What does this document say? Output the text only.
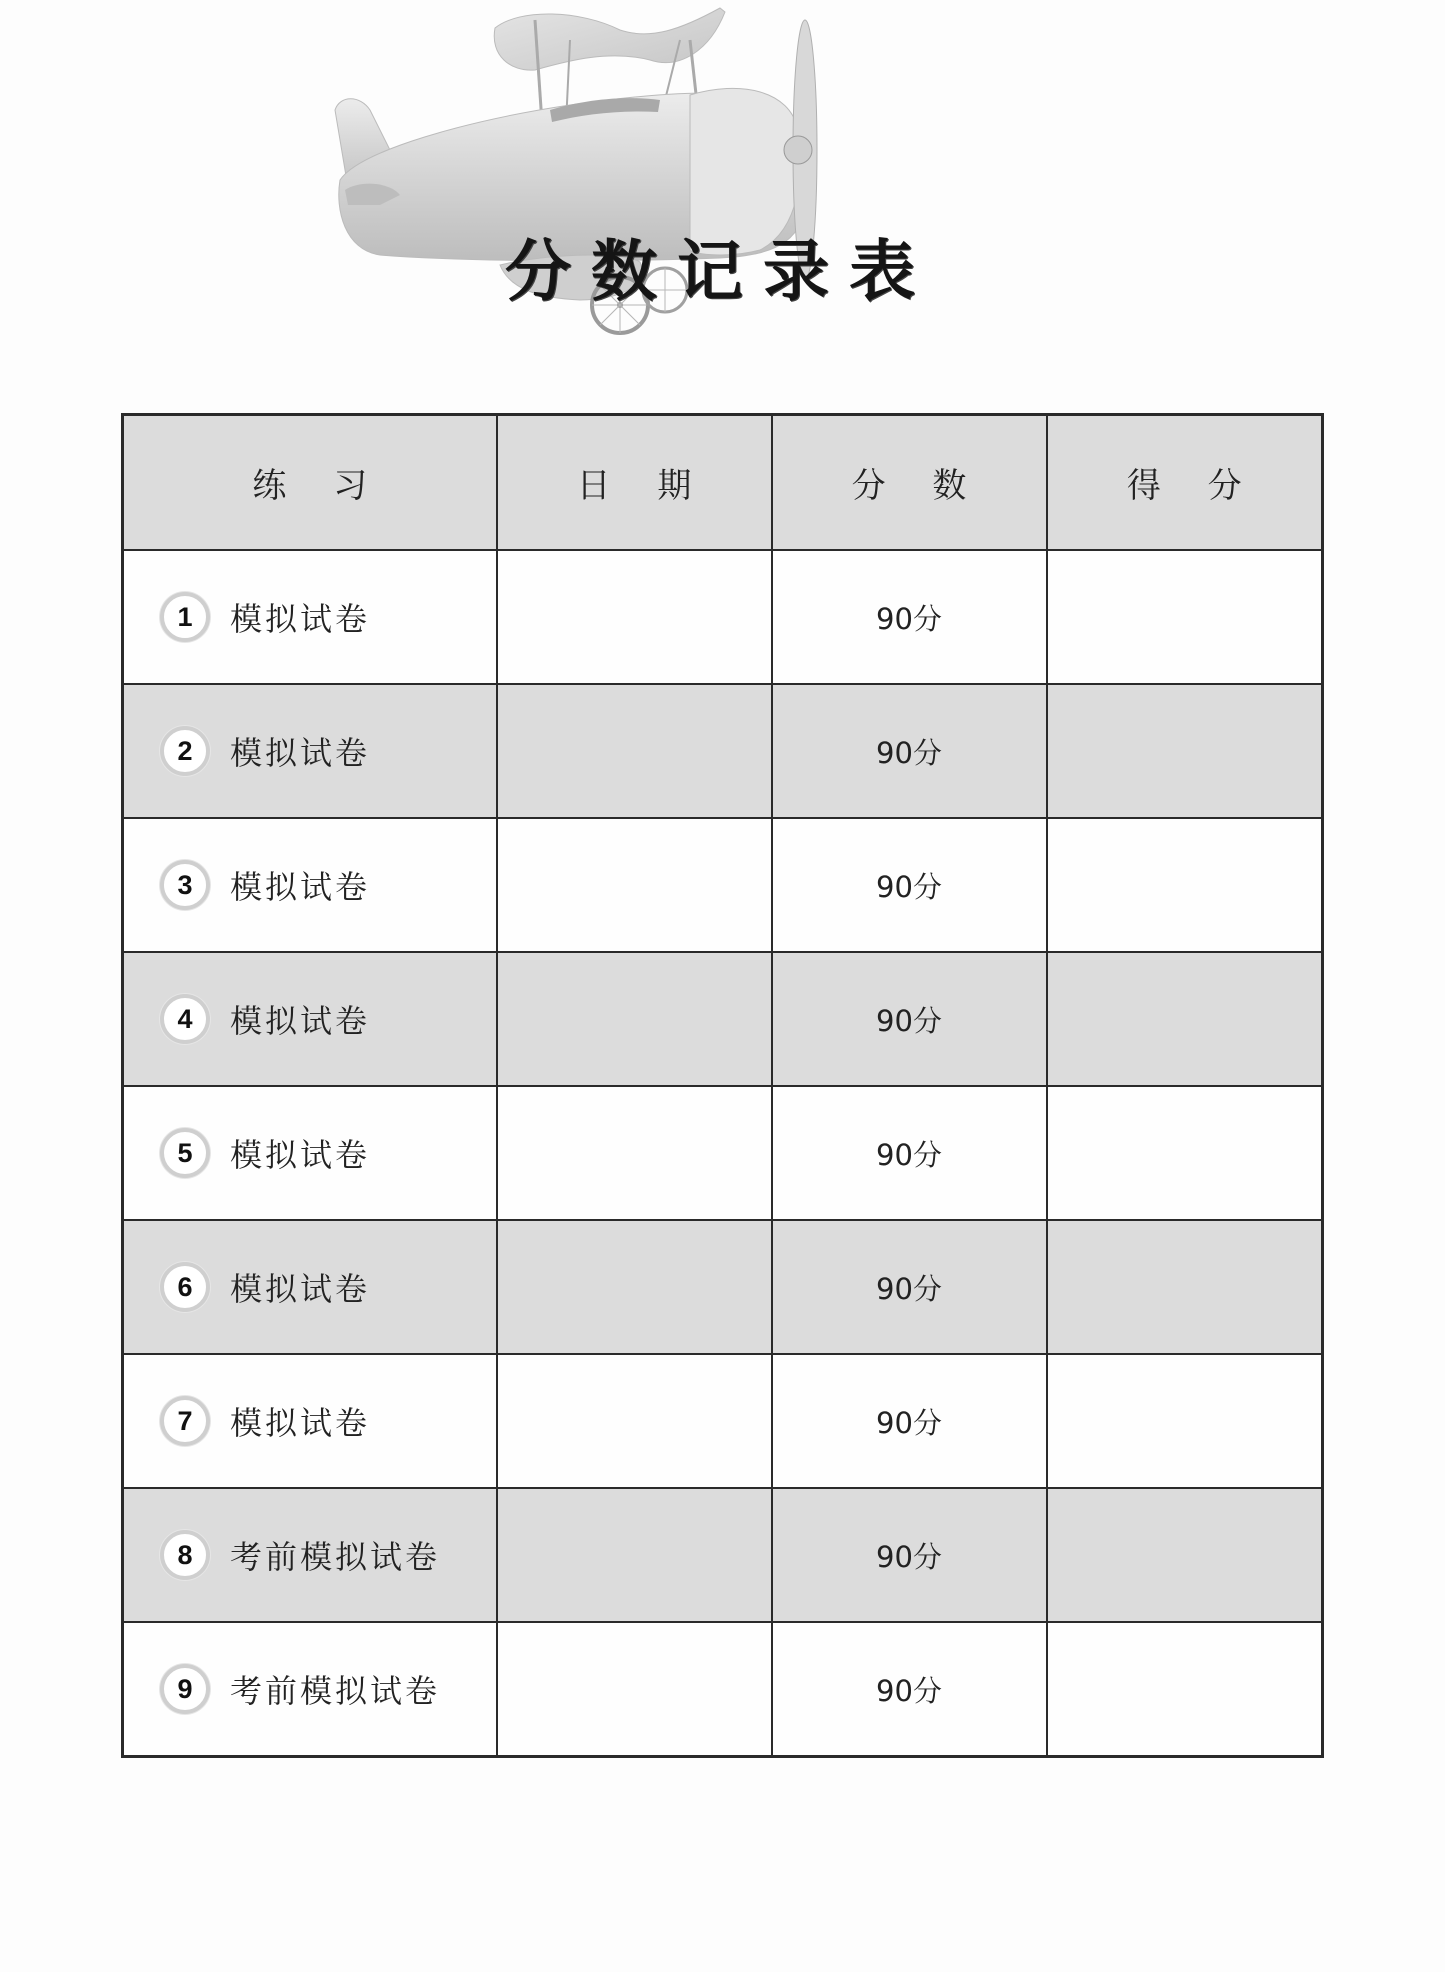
分数记录表
练 习	日 期	分 数	得 分

1 模拟试卷		90分	

2 模拟试卷		90分	

3 模拟试卷		90分	

4 模拟试卷		90分	

5 模拟试卷		90分	

6 模拟试卷		90分	

7 模拟试卷		90分	

8 考前模拟试卷		90分	

9 考前模拟试卷		90分	
